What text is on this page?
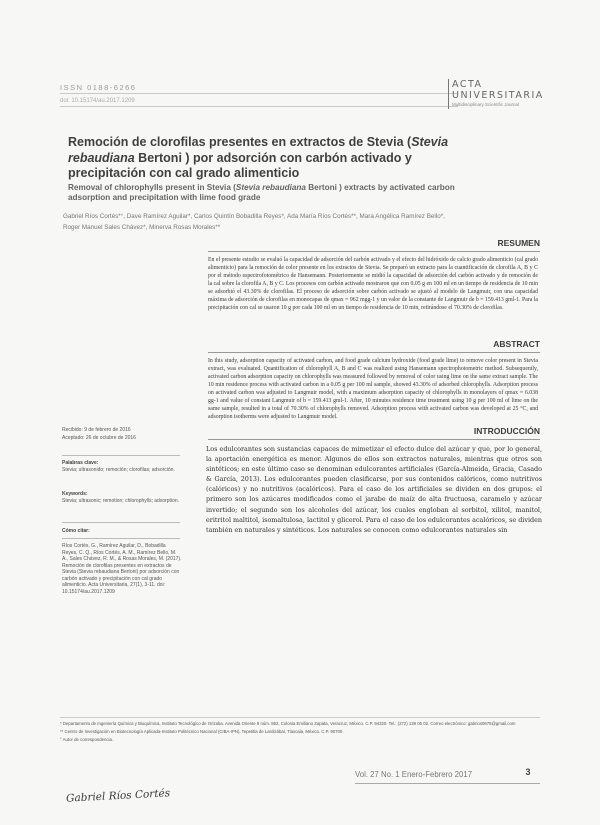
ISSN 0188-6266
doi: 10.15174/au.2017.1209
ACTA
UNIVERSITARIA
Multidisciplinary Scientific Journal
Remoción de clorofilas presentes en extractos de Stevia (Stevia rebaudiana Bertoni ) por adsorción con carbón activado y precipitación con cal grado alimenticio
Removal of chlorophylls present in Stevia (Stevia rebaudiana Bertoni ) extracts by activated carbon adsorption and precipitation with lime food grade
Gabriel Ríos Cortés*°, Dave Ramírez Aguilar*, Carlos Quintín Bobadilla Reyes*, Ada María Ríos Cortés**, Mara Angélica Ramírez Bello*, Roger Manuel Sales Chávez*, Minerva Rosas Morales**
RESUMEN
En el presente estudio se evaluó la capacidad de adsorción del carbón activado y el efecto del hidróxido de calcio grado alimenticio (cal grado alimenticio) para la remoción de color presente en los extractos de Stevia. Se preparó un extracto para la cuantificación de clorofila A, B y C por el método espectrofotométrico de Hansemann. Posteriormente se midió la capacidad de adsorción del carbón activado y de remoción de la cal sobre la clorofila A, B y C. Los procesos con carbón activado mostraron que con 0.05 g en 100 ml en un tiempo de residencia de 10 min se adsorbió el 43.30% de clorofilas. El proceso de adsorción sobre carbón activado se ajustó al modelo de Langmuir, con una capacidad máxima de adsorción de clorofilas en monocapas de qmax = 962 mgg-1 y un valor de la constante de Langmuir de b = 159.413 gml-1. Para la precipitación con cal se usaron 10 g por cada 100 ml en un tiempo de residencia de 10 min, retirándose el 70.30% de clorofilas.
ABSTRACT
In this study, adsorption capacity of activated carbon, and food grade calcium hydroxide (food grade lime) to remove color present in Stevia extract, was evaluated. Quantification of chlorophyll A, B and C was realized using Hansemann spectrophotometric method. Subsequently, activated carbon adsorption capacity on chlorophylls was measured followed by removal of color using lime on the same extract sample. The 10 min residence process with activated carbon in a 0.05 g per 100 ml sample, showed 43.30% of adsorbed chlorophylls. Adsorption process on activated carbon was adjusted to Langmuir model, with a maximum adsorption capacity of chlorophylls in monolayers of qmax = 6.038 gg-1 and value of constant Langmuir of b = 159.413 gml-1. After, 10 minutes residence time treatment using 10 g per 100 ml of lime on the same sample, resulted in a total of 70.30% of chlorophylls removed. Adsorption process with activated carbon was developed at 25 °C, and adsorption isotherms were adjusted to Langmuir model.
Recibido: 9 de febrero de 2016
Aceptado: 26 de octubre de 2016
Palabras clave:
Stevia; ultrasonido; remoción; clorofilas; adsorción.
Keywords:
Stevia; ultrasonic; remotion; chlorophylls; adsorption.
Cómo citar:
Ríos Cortés, G., Ramírez Aguilar, D., Bobadilla Reyes, C. Q., Ríos Cortés, A. M., Ramírez Bello, M. A., Sales Chávez, R. M., & Rosas Morales, M. (2017). Remoción de clorofilas presentes en extractos de Stevia (Stevia rebaudiana Bertoni) por adsorción con carbón activado y precipitación con cal grado alimenticio. Acta Universitaria, 27(1), 3-11. doi: 10.15174/au.2017.1209
INTRODUCCIÓN
Los edulcorantes son sustancias capaces de mimetizar el efecto dulce del azúcar y que, por lo general, la aportación energética es menor. Algunos de ellos son extractos naturales, mientras que otros son sintéticos; en este último caso se denominan edulcorantes artificiales (García-Almeida, Gracia, Casado & García, 2013). Los edulcorantes pueden clasificarse, por sus contenidos calóricos, como nutritivos (calóricos) y no nutritivos (acalóricos). Para el caso de los artificiales se dividen en dos grupos: el primero son los azúcares modificados como el jarabe de maíz de alta fructuosa, caramelo y azúcar invertido; el segundo son los alcoholes del azúcar, los cuales engloban al sorbitol, xilitol, manitol, eritritol maltitol, isomaltulosa, lactitol y glicerol. Para el caso de los edulcorantes acalóricos, se dividen también en naturales y sintéticos. Los naturales se conocen como edulcorantes naturales sin
* Departamento de Ingeniería Química y Bioquímica, Instituto Tecnológico de Orizaba. Avenida Oriente 9 núm. 852, Colonia Emiliano Zapata, Veracruz, México. C.P. 94320. Tel.: (272) 139 05 02. Correo electrónico: gabrios0675@gmail.com
** Centro de Investigación en Biotecnología Aplicada-Instituto Politécnico Nacional (CIBA-IPN), Tepetitla de Lardizábal, Tlaxcala, México. C.P. 90700.
° Autor de correspondencia.
Vol. 27 No. 1 Enero-Febrero 2017	3
Gabriel Ríos Cortés
